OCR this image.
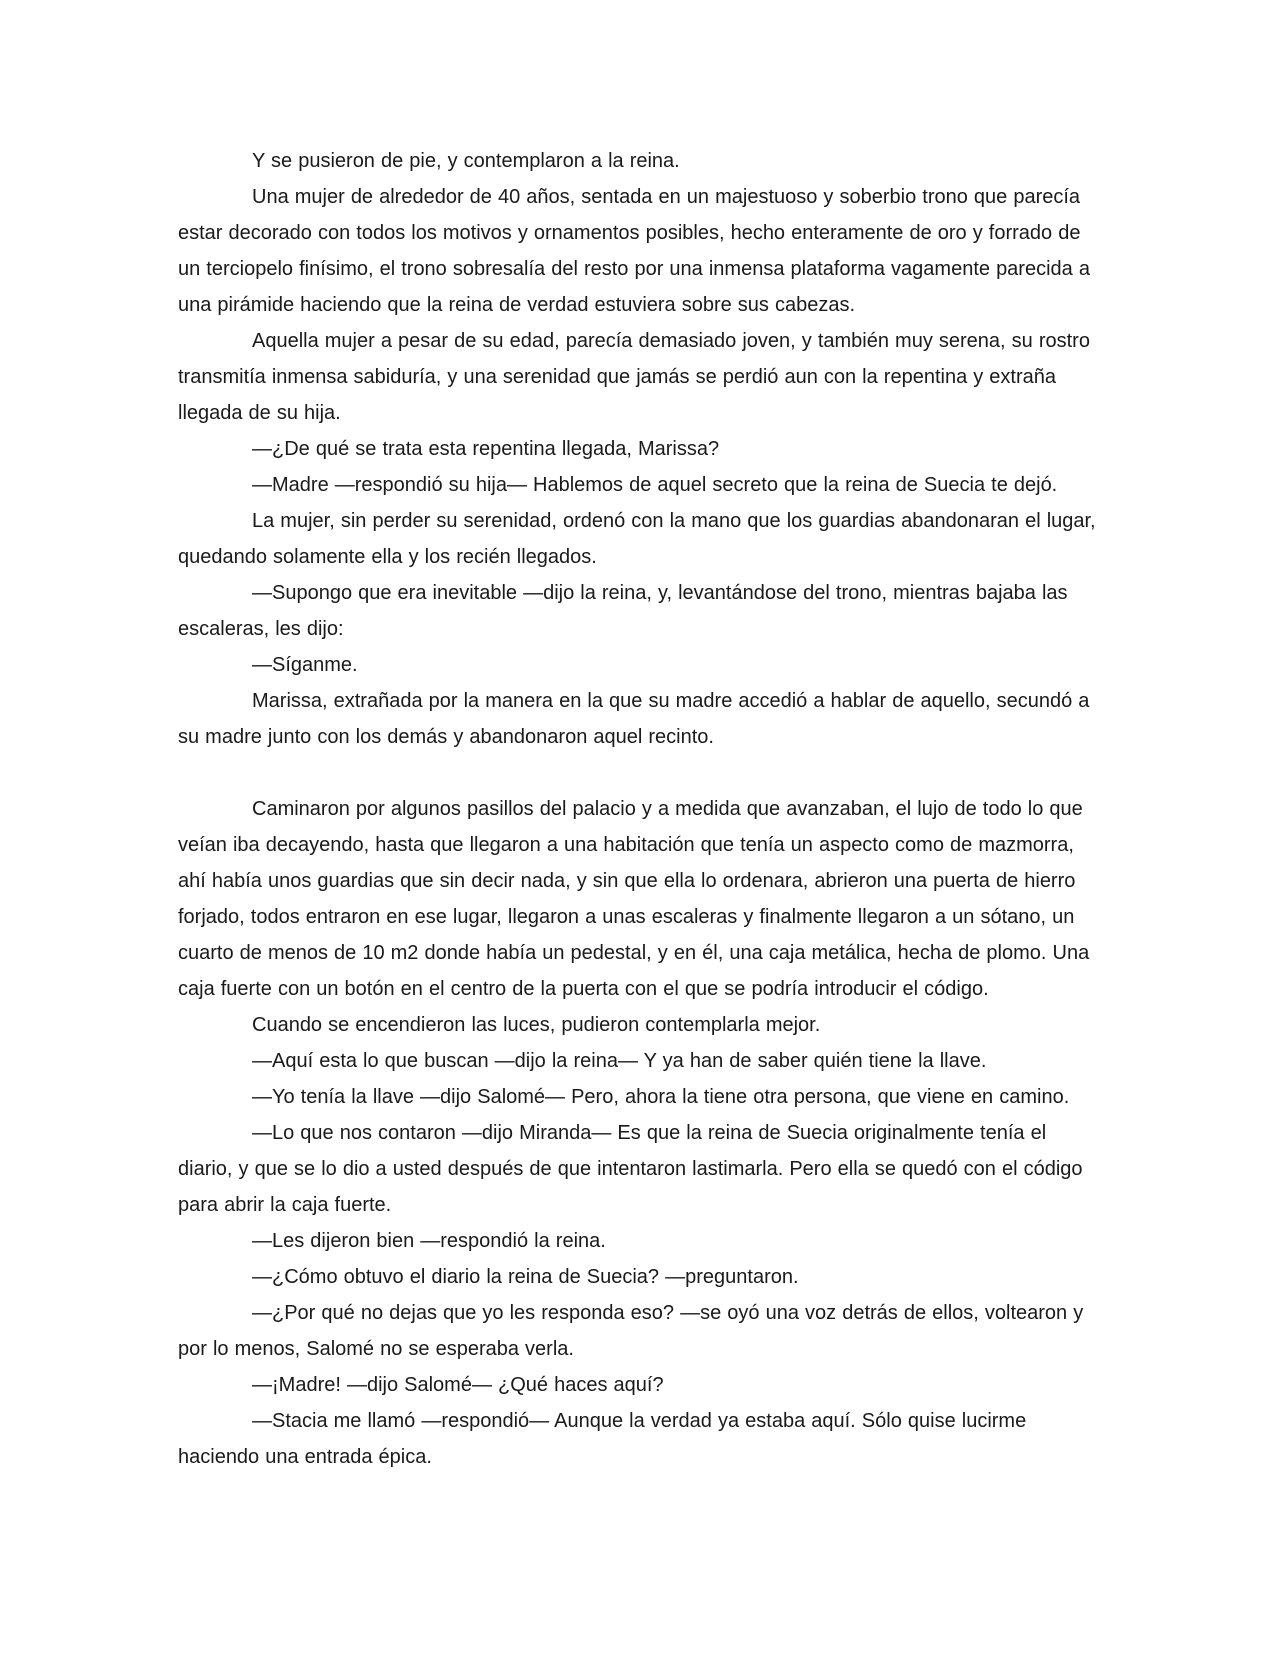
Y se pusieron de pie, y contemplaron a la reina.

Una mujer de alrededor de 40 años, sentada en un majestuoso y soberbio trono que parecía estar decorado con todos los motivos y ornamentos posibles, hecho enteramente de oro y forrado de un terciopelo finísimo, el trono sobresalía del resto por una inmensa plataforma vagamente parecida a una pirámide haciendo que la reina de verdad estuviera sobre sus cabezas.

Aquella mujer a pesar de su edad, parecía demasiado joven, y también muy serena, su rostro transmitía inmensa sabiduría, y una serenidad que jamás se perdió aun con la repentina y extraña llegada de su hija.

—¿De qué se trata esta repentina llegada, Marissa?

—Madre —respondió su hija— Hablemos de aquel secreto que la reina de Suecia te dejó.

La mujer, sin perder su serenidad, ordenó con la mano que los guardias abandonaran el lugar, quedando solamente ella y los recién llegados.

—Supongo que era inevitable —dijo la reina, y, levantándose del trono, mientras bajaba las escaleras, les dijo:

—Síganme.

Marissa, extrañada por la manera en la que su madre accedió a hablar de aquello, secundó a su madre junto con los demás y abandonaron aquel recinto.

Caminaron por algunos pasillos del palacio y a medida que avanzaban, el lujo de todo lo que veían iba decayendo, hasta que llegaron a una habitación que tenía un aspecto como de mazmorra, ahí había unos guardias que sin decir nada, y sin que ella lo ordenara, abrieron una puerta de hierro forjado, todos entraron en ese lugar, llegaron a unas escaleras y finalmente llegaron a un sótano, un cuarto de menos de 10 m2 donde había un pedestal, y en él, una caja metálica, hecha de plomo. Una caja fuerte con un botón en el centro de la puerta con el que se podría introducir el código.

Cuando se encendieron las luces, pudieron contemplarla mejor.

—Aquí esta lo que buscan —dijo la reina— Y ya han de saber quién tiene la llave.

—Yo tenía la llave —dijo Salomé— Pero, ahora la tiene otra persona, que viene en camino.

—Lo que nos contaron —dijo Miranda— Es que la reina de Suecia originalmente tenía el diario, y que se lo dio a usted después de que intentaron lastimarla. Pero ella se quedó con el código para abrir la caja fuerte.

—Les dijeron bien —respondió la reina.

—¿Cómo obtuvo el diario la reina de Suecia? —preguntaron.

—¿Por qué no dejas que yo les responda eso? —se oyó una voz detrás de ellos, voltearon y por lo menos, Salomé no se esperaba verla.

—¡Madre! —dijo Salomé— ¿Qué haces aquí?

—Stacia me llamó —respondió— Aunque la verdad ya estaba aquí. Sólo quise lucirme haciendo una entrada épica.
